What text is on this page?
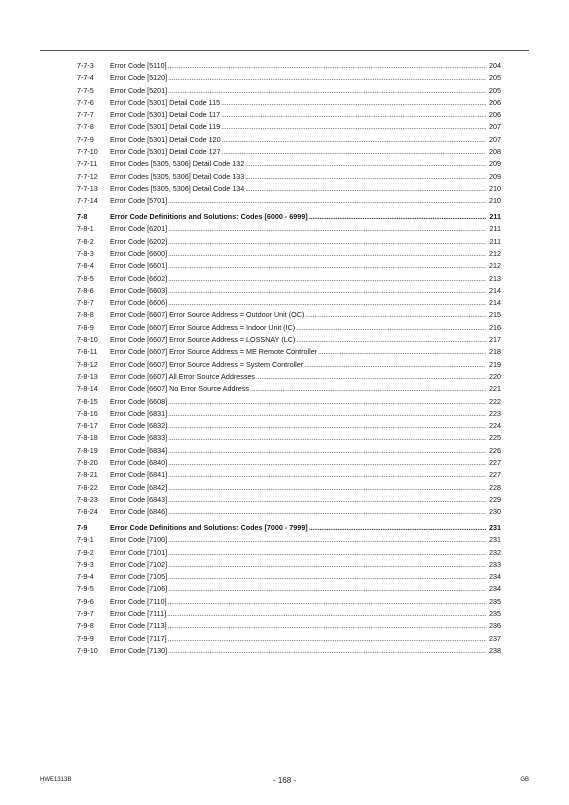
7-7-3	Error Code [5110] . . .	204
7-7-4	Error Code [5120] . . .	205
7-7-5	Error Code [5201] . . .	205
7-7-6	Error Code [5301] Detail Code 115 . . .	206
7-7-7	Error Code [5301] Detail Code 117 . . .	206
7-7-8	Error Code [5301] Detail Code 119 . . .	207
7-7-9	Error Code [5301] Detail Code 120 . . .	207
7-7-10	Error Code [5301] Detail Code 127 . . .	208
7-7-11	Error Codes [5305, 5306] Detail Code 132 . . .	209
7-7-12	Error Codes [5305, 5306] Detail Code 133 . . .	209
7-7-13	Error Codes [5305, 5306] Detail Code 134 . . .	210
7-7-14	Error Code [5701] . . .	210
7-8	Error Code Definitions and Solutions: Codes [6000 - 6999] . . .	211
7-8-1	Error Code [6201] . . .	211
7-8-2	Error Code [6202] . . .	211
7-8-3	Error Code [6600] . . .	212
7-8-4	Error Code [6601] . . .	212
7-8-5	Error Code [6602] . . .	213
7-8-6	Error Code [6603] . . .	214
7-8-7	Error Code [6606] . . .	214
7-8-8	Error Code [6607] Error Source Address = Outdoor Unit (OC) . . .	215
7-8-9	Error Code [6607] Error Source Address = Indoor Unit (IC) . . .	216
7-8-10	Error Code [6607] Error Source Address = LOSSNAY (LC) . . .	217
7-8-11	Error Code [6607] Error Source Address = ME Remote Controller . . .	218
7-8-12	Error Code [6607] Error Source Address = System Controller . . .	219
7-8-13	Error Code [6607] All Error Source Addresses . . .	220
7-8-14	Error Code [6607] No Error Source Address . . .	221
7-8-15	Error Code [6608] . . .	222
7-8-16	Error Code [6831] . . .	223
7-8-17	Error Code [6832] . . .	224
7-8-18	Error Code [6833] . . .	225
7-8-19	Error Code [6834] . . .	226
7-8-20	Error Code [6840] . . .	227
7-8-21	Error Code [6841] . . .	227
7-8-22	Error Code [6842] . . .	228
7-8-23	Error Code [6843] . . .	229
7-8-24	Error Code [6846] . . .	230
7-9	Error Code Definitions and Solutions: Codes [7000 - 7999] . . .	231
7-9-1	Error Code [7100] . . .	231
7-9-2	Error Code [7101] . . .	232
7-9-3	Error Code [7102] . . .	233
7-9-4	Error Code [7105] . . .	234
7-9-5	Error Code [7106] . . .	234
7-9-6	Error Code [7110] . . .	235
7-9-7	Error Code [7111] . . .	235
7-9-8	Error Code [7113] . . .	236
7-9-9	Error Code [7117] . . .	237
7-9-10	Error Code [7130] . . .	238
HWE1313B	- 168 -	GB
